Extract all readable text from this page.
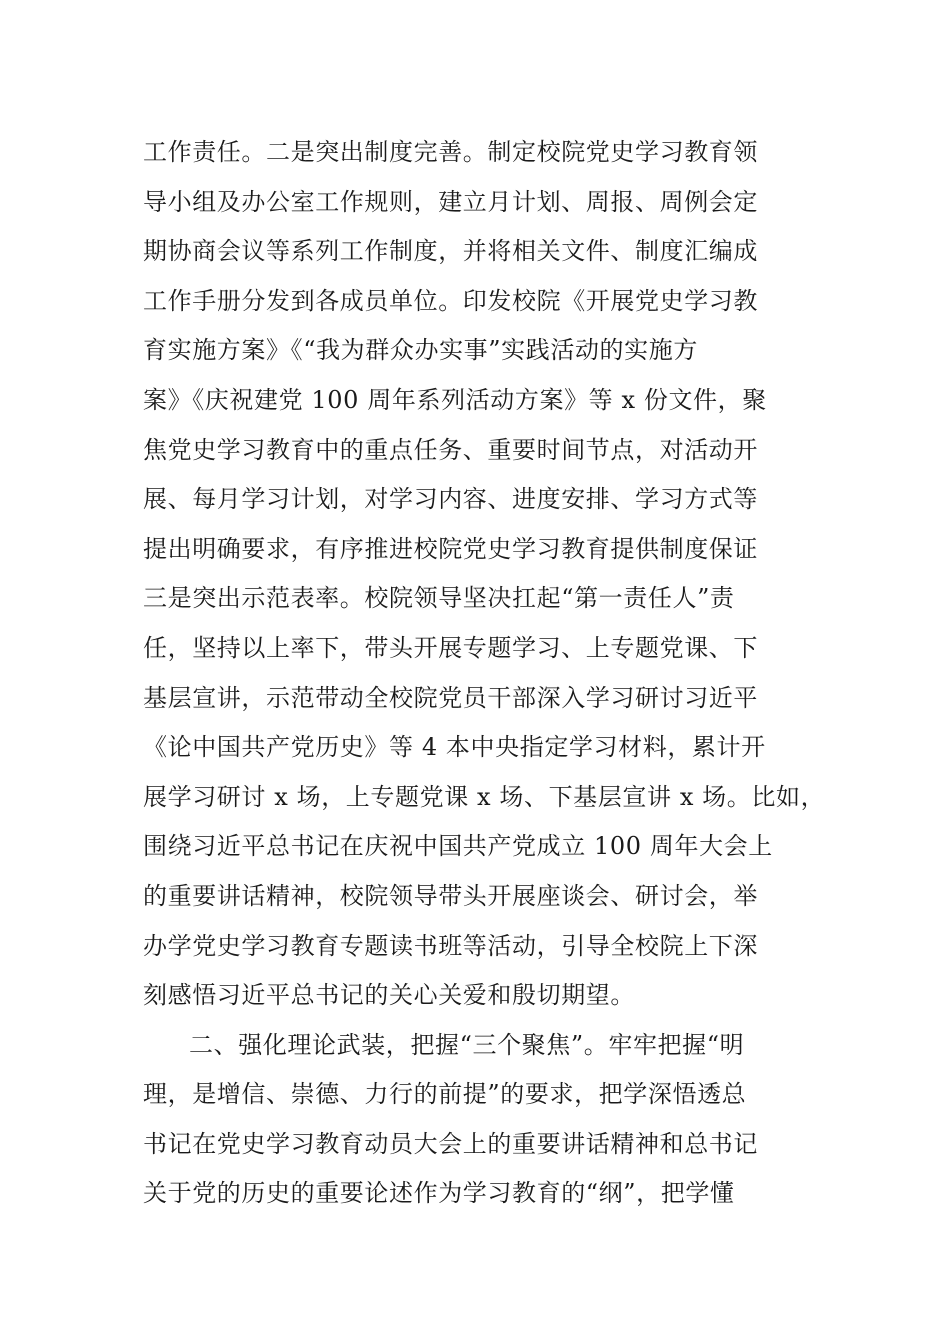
工作责任。二是突出制度完善。制定校院党史学习教育领
导小组及办公室工作规则，建立月计划、周报、周例会定
期协商会议等系列工作制度，并将相关文件、制度汇编成
工作手册分发到各成员单位。印发校院《开展党史学习教
育实施方案》《“我为群众办实事”实践活动的实施方
案》《庆祝建党 100 周年系列活动方案》等 x 份文件，聚
焦党史学习教育中的重点任务、重要时间节点，对活动开
展、每月学习计划，对学习内容、进度安排、学习方式等
提出明确要求，有序推进校院党史学习教育提供制度保证
三是突出示范表率。校院领导坚决扛起“第一责任人”责
任，坚持以上率下，带头开展专题学习、上专题党课、下
基层宣讲，示范带动全校院党员干部深入学习研讨习近平
《论中国共产党历史》等 4 本中央指定学习材料，累计开
展学习研讨 x 场，上专题党课 x 场、下基层宣讲 x 场。比如，
围绕习近平总书记在庆祝中国共产党成立 100 周年大会上
的重要讲话精神，校院领导带头开展座谈会、研讨会，举
办学党史学习教育专题读书班等活动，引导全校院上下深
刻感悟习近平总书记的关心关爱和殷切期望。
二、强化理论武装，把握“三个聚焦”。牢牢把握“明
理，是增信、崇德、力行的前提”的要求，把学深悟透总
书记在党史学习教育动员大会上的重要讲话精神和总书记
关于党的历史的重要论述作为学习教育的“纲”，把学懂
